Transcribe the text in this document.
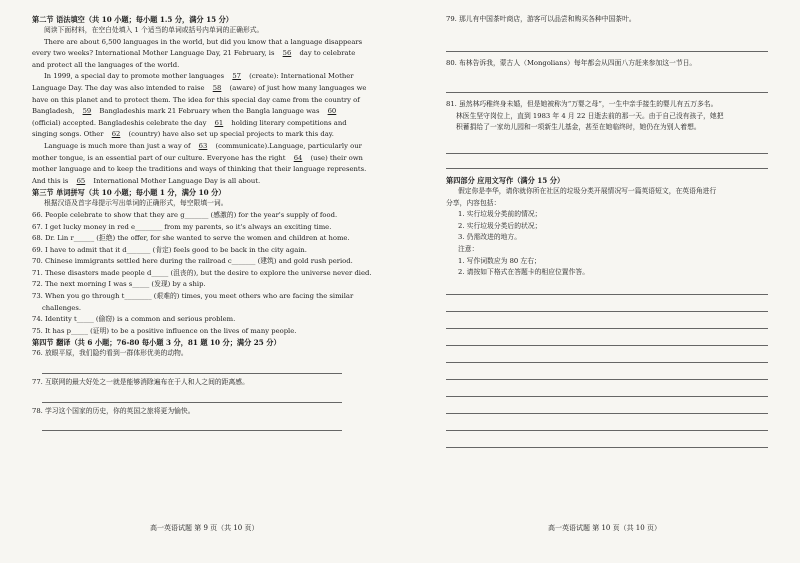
第二节 语法填空（共 10 小题；每小题 1.5 分，满分 15 分）

阅读下面材料，在空白处填入 1 个适当的单词或括号内单词的正确形式。

There are about 6,500 languages in the world, but did you know that a language disappears every two weeks? International Mother Language Day, 21 February, is 56 day to celebrate and protect all the languages of the world.

In 1999, a special day to promote mother languages 57 (create): International Mother Language Day. The day was also intended to raise 58 (aware) of just how many languages we have on this planet and to protect them. The idea for this special day came from the country of Bangladesh, 59 Bangladeshis mark 21 February when the Bangla language was 60 (official) accepted. Bangladeshis celebrate the day 61 holding literary competitions and singing songs. Other 62 (country) have also set up special projects to mark this day.

Language is much more than just a way of 63 (communicate).Language, particularly our mother tongue, is an essential part of our culture. Everyone has the right 64 (use) their own mother language and to keep the traditions and ways of thinking that their language represents. And this is 65 International Mother Language Day is all about.

第三节 单词拼写（共 10 小题；每小题 1 分，满分 10 分）

根据汉语及首字母提示写出单词的正确形式，每空限填一词。

66. People celebrate to show that they are g_______ (感激的) for the year's supply of food.

67. I get lucky money in red e________ from my parents, so it's always an exciting time.

68. Dr. Lin r______ (拒绝) the offer, for she wanted to serve the women and children at home.

69. I have to admit that it d_______ (肯定) feels good to be back in the city again.

70. Chinese immigrants settled here during the railroad c_______ (建筑) and gold rush period.

71. These disasters made people d_____ (沮丧的), but the desire to explore the universe never died.

72. The next morning I was s_____ (发现) by a ship.

73. When you go through t________ (艰难的) times, you meet others who are facing the similar

challenges.

74. Identity t_____ (偷窃) is a common and serious problem.

75. It has p_____ (证明) to be a positive influence on the lives of many people.

第四节 翻译（共 6 小题；76-80 每小题 3 分，81 题 10 分；满分 25 分）

76. 放眼平原，我们隐约看到一群体形优美的动物。

77. 互联网的最大好处之一就是能够消除遍布在于人和人之间的距离感。

78. 学习这个国家的历史，你的英国之旅将更为愉快。

高一英语试题 第 9 页（共 10 页）

79. 那儿有中国茶叶商店，游客可以品尝和购买各种中国茶叶。

80. 布林告诉我，蒙古人（Mongolians）每年都会从四面八方赶来参加这一节日。

81. 虽然林巧稚终身未婚，但是她被称为“万婴之母”，一生中亲手接生的婴儿有五万多名。

林医生坚守岗位上，直到 1983 年 4 月 22 日逝去前的那一天。由于自己没有孩子，她把

积蓄捐给了一家幼儿园和一项新生儿基金，甚至在她临终时，她仍在为别人着想。

第四部分 应用文写作（满分 15 分）

假定你是李华，请你就你所在社区的垃圾分类开展情况写一篇英语短文，在英语角进行

分享，内容包括：

1. 实行垃圾分类前的情况；

2. 实行垃圾分类后的状况；

3. 仍需改进的地方。

注意：

1. 写作词数应为 80 左右；

2. 请按如下格式在答题卡的相应位置作答。

高一英语试题 第 10 页（共 10 页）
